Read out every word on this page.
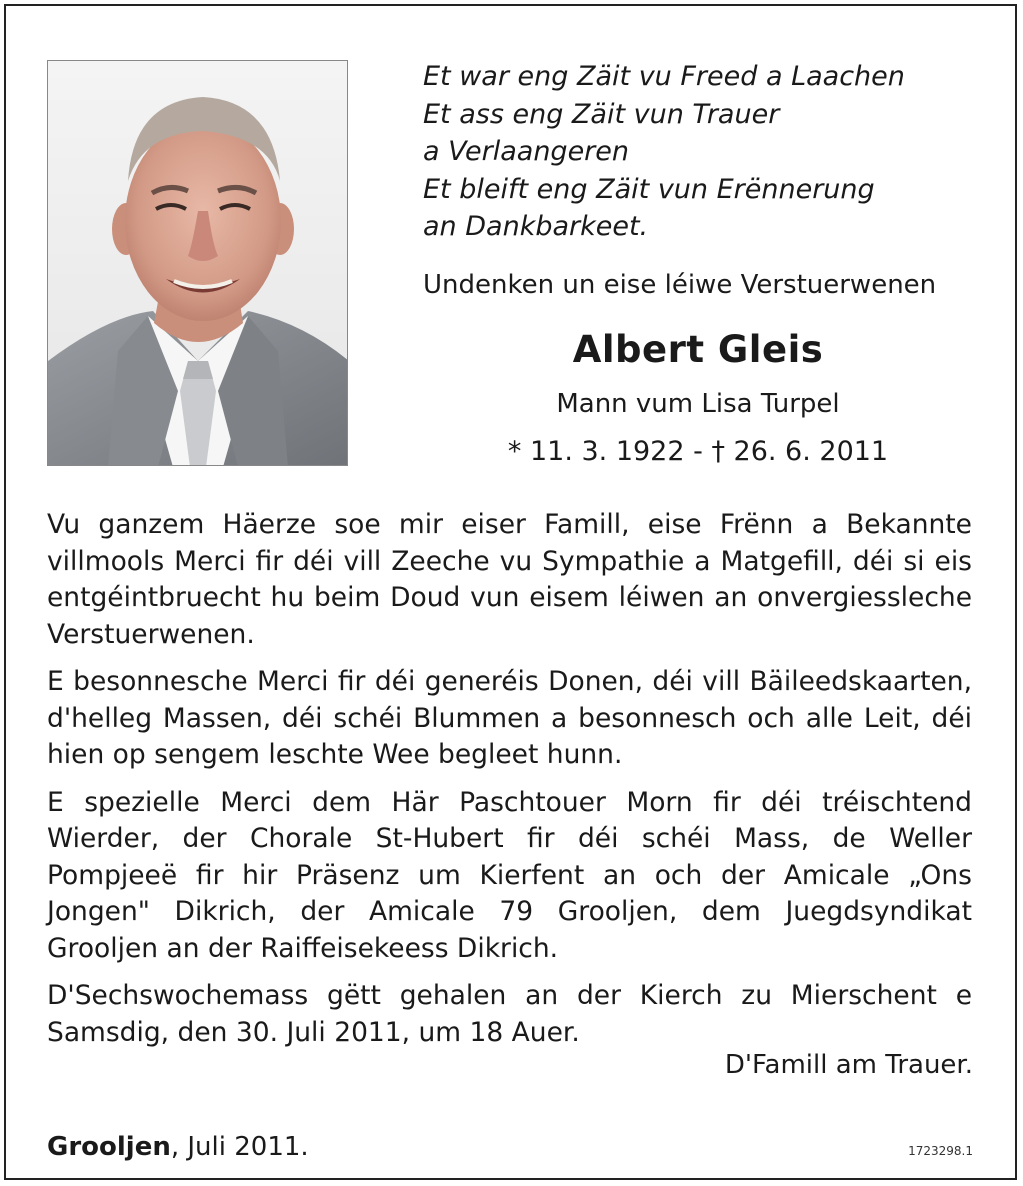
Et war eng Zäit vu Freed a Laachen
Et ass eng Zäit vun Trauer
a Verlaangeren
Et bleift eng Zäit vun Erënnerung
an Dankbarkeet.
Undenken un eise léiwe Verstuerwenen
Albert Gleis
Mann vum Lisa Turpel
* 11. 3. 1922 - † 26. 6. 2011

Vu ganzem Häerze soe mir eiser Famill, eise Frënn a Bekannte villmools Merci fir déi vill Zeeche vu Sympathie a Matgefill, déi si eis entgéintbruecht hu beim Doud vun eisem léiwen an onvergiessleche Verstuerwenen.

E besonnesche Merci fir déi generéis Donen, déi vill Bäileedskaarten, d'helleg Massen, déi schéi Blummen a besonnesch och alle Leit, déi hien op sengem leschte Wee begleet hunn.

E spezielle Merci dem Här Paschtouer Morn fir déi tréischtend Wierder, der Chorale St-Hubert fir déi schéi Mass, de Weller Pompjeeë fir hir Präsenz um Kierfent an och der Amicale „Ons Jongen" Dikrich, der Amicale 79 Grooljen, dem Juegdsyndikat Grooljen an der Raiffeisekeess Dikrich.

D'Sechswochemass gëtt gehalen an der Kierch zu Mierschent e Samsdig, den 30. Juli 2011, um 18 Auer.

D'Famill am Trauer.
Grooljen, Juli 2011.	1723298.1
